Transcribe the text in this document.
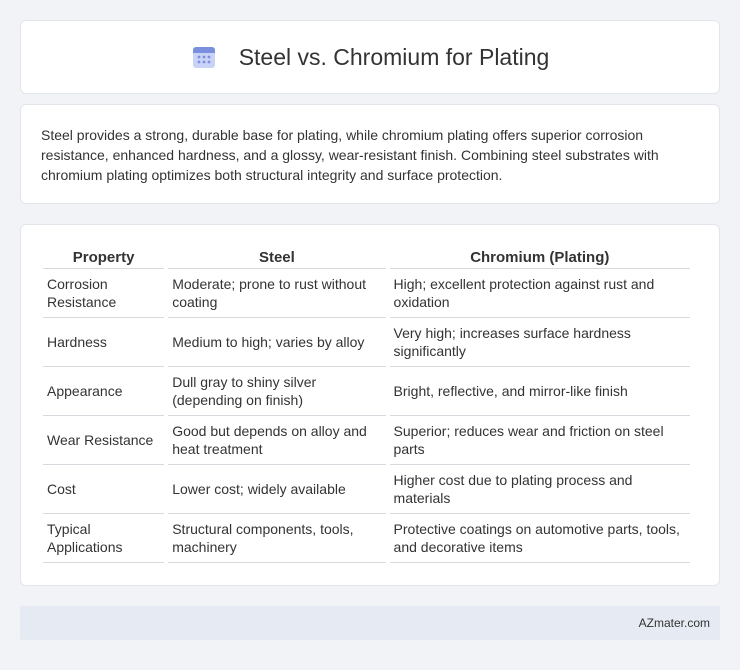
Steel vs. Chromium for Plating

Steel provides a strong, durable base for plating, while chromium plating offers superior corrosion resistance, enhanced hardness, and a glossy, wear-resistant finish. Combining steel substrates with chromium plating optimizes both structural integrity and surface protection.

Property	Steel	Chromium (Plating)
Corrosion Resistance	Moderate; prone to rust without coating	High; excellent protection against rust and oxidation
Hardness	Medium to high; varies by alloy	Very high; increases surface hardness significantly
Appearance	Dull gray to shiny silver (depending on finish)	Bright, reflective, and mirror-like finish
Wear Resistance	Good but depends on alloy and heat treatment	Superior; reduces wear and friction on steel parts
Cost	Lower cost; widely available	Higher cost due to plating process and materials
Typical Applications	Structural components, tools, machinery	Protective coatings on automotive parts, tools, and decorative items
AZmater.com
